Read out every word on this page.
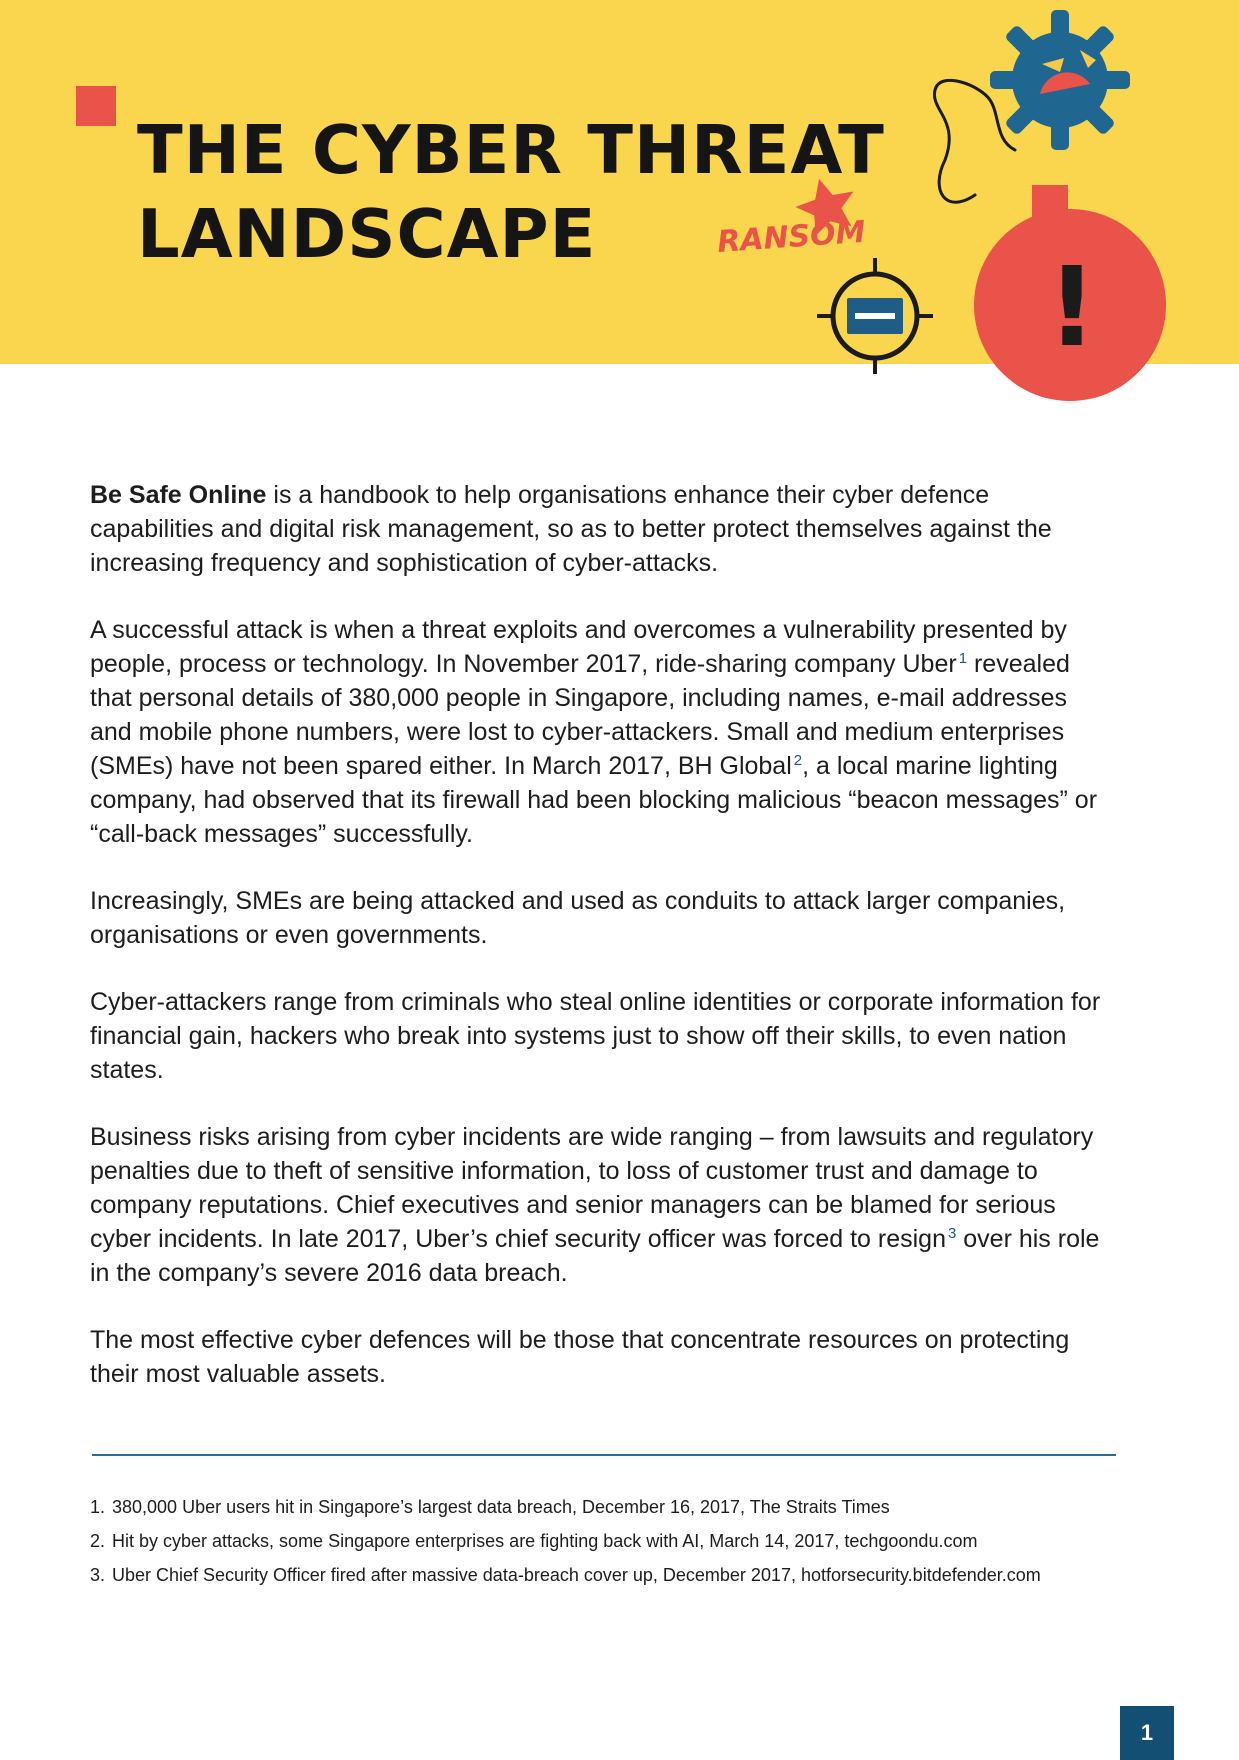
THE CYBER THREAT
LANDSCAPE
!
RANSOM

Be Safe Online is a handbook to help organisations enhance their cyber defence capabilities and digital risk management, so as to better protect themselves against the increasing frequency and sophistication of cyber-attacks.

A successful attack is when a threat exploits and overcomes a vulnerability presented by people, process or technology. In November 2017, ride-sharing company Uber $^1$ revealed that personal details of 380,000 people in Singapore, including names, e-mail addresses and mobile phone numbers, were lost to cyber-attackers. Small and medium enterprises (SMEs) have not been spared either. In March 2017, BH Global $^2$, a local marine lighting company, had observed that its firewall had been blocking malicious “beacon messages” or “call-back messages” successfully.

Increasingly, SMEs are being attacked and used as conduits to attack larger companies, organisations or even governments.

Cyber-attackers range from criminals who steal online identities or corporate information for financial gain, hackers who break into systems just to show off their skills, to even nation states.

Business risks arising from cyber incidents are wide ranging – from lawsuits and regulatory penalties due to theft of sensitive information, to loss of customer trust and damage to company reputations. Chief executives and senior managers can be blamed for serious cyber incidents. In late 2017, Uber’s chief security officer was forced to resign $^3$ over his role in the company’s severe 2016 data breach.

The most effective cyber defences will be those that concentrate resources on protecting their most valuable assets.

1. 380,000 Uber users hit in Singapore’s largest data breach, December 16, 2017, The Straits Times
2. Hit by cyber attacks, some Singapore enterprises are fighting back with AI, March 14, 2017, techgoondu.com
3. Uber Chief Security Officer fired after massive data-breach cover up, December 2017, hotforsecurity.bitdefender.com
1
